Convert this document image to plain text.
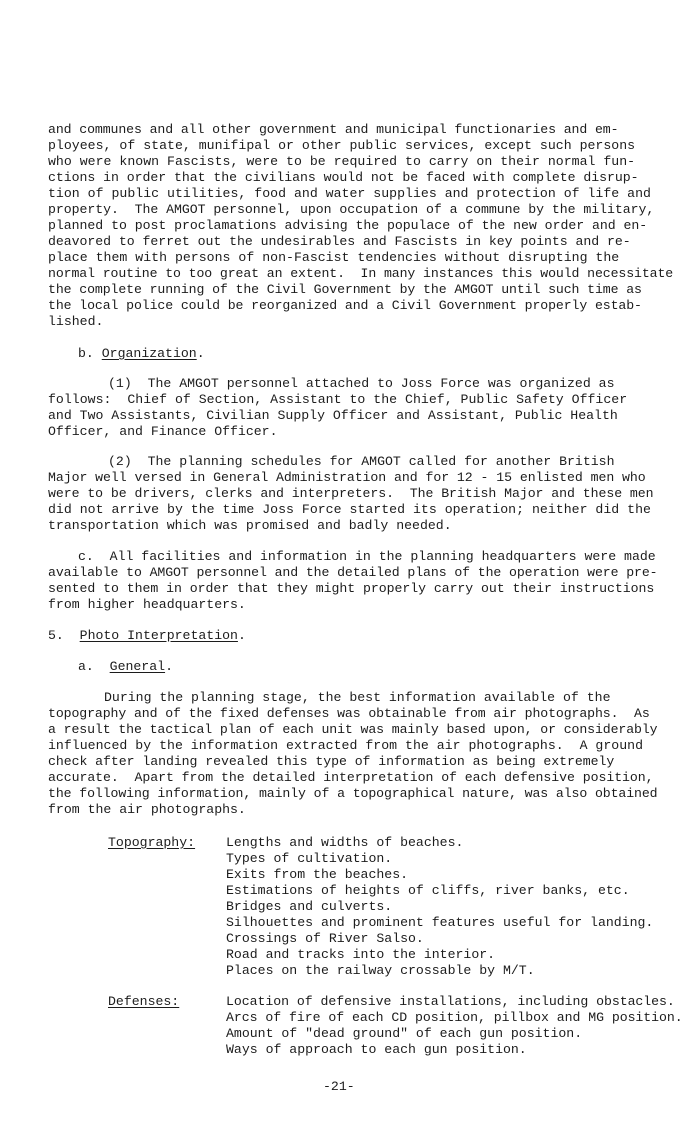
and communes and all other government and municipal functionaries and em-
ployees, of state, munifipal or other public services, except such persons
who were known Fascists, were to be required to carry on their normal fun-
ctions in order that the civilians would not be faced with complete disrup-
tion of public utilities, food and water supplies and protection of life and
property.  The AMGOT personnel, upon occupation of a commune by the military,
planned to post proclamations advising the populace of the new order and en-
deavored to ferret out the undesirables and Fascists in key points and re-
place them with persons of non-Fascist tendencies without disrupting the
normal routine to too great an extent.  In many instances this would necessitate
the complete running of the Civil Government by the AMGOT until such time as
the local police could be reorganized and a Civil Government properly estab-
lished.
b. Organization.
(1)  The AMGOT personnel attached to Joss Force was organized as
follows:  Chief of Section, Assistant to the Chief, Public Safety Officer
and Two Assistants, Civilian Supply Officer and Assistant, Public Health
Officer, and Finance Officer.
(2)  The planning schedules for AMGOT called for another British
Major well versed in General Administration and for 12 - 15 enlisted men who
were to be drivers, clerks and interpreters.  The British Major and these men
did not arrive by the time Joss Force started its operation; neither did the
transportation which was promised and badly needed.
c.  All facilities and information in the planning headquarters were made
available to AMGOT personnel and the detailed plans of the operation were pre-
sented to them in order that they might properly carry out their instructions
from higher headquarters.
5.  Photo Interpretation.
a.  General.
During the planning stage, the best information available of the
topography and of the fixed defenses was obtainable from air photographs.  As
a result the tactical plan of each unit was mainly based upon, or considerably
influenced by the information extracted from the air photographs.  A ground
check after landing revealed this type of information as being extremely
accurate.  Apart from the detailed interpretation of each defensive position,
the following information, mainly of a topographical nature, was also obtained
from the air photographs.
Topography: Lengths and widths of beaches.
Types of cultivation.
Exits from the beaches.
Estimations of heights of cliffs, river banks, etc.
Bridges and culverts.
Silhouettes and prominent features useful for landing.
Crossings of River Salso.
Road and tracks into the interior.
Places on the railway crossable by M/T.
Defenses:	Location of defensive installations, including obstacles.
Arcs of fire of each CD position, pillbox and MG position.
Amount of "dead ground" of each gun position.
Ways of approach to each gun position.
-21-
